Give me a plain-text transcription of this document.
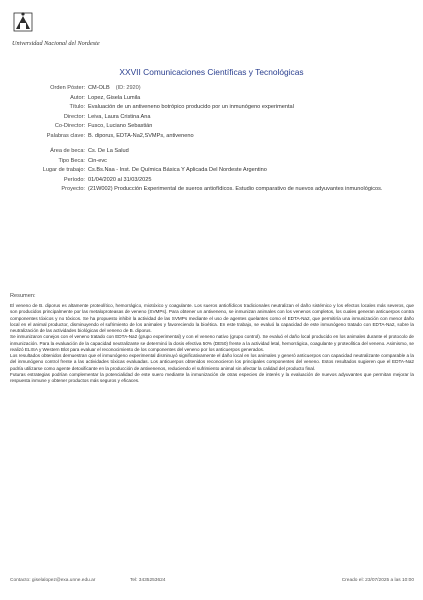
Universidad Nacional del Nordeste
XXVII Comunicaciones Científicas y Tecnológicas
Orden Póster: CM-OLB (ID: 2920)
Autor: Lopez, Gisela Lumila
Título: Evaluación de un antiveneno botrópico producido por un inmunógeno experimental
Director: Leiva, Laura Cristina Ana
Co-Director: Fusco, Luciano Sebastián
Palabras clave: B. diporus, EDTA-Na2,SVMPs, antiveneno
Área de beca: Cs. De La Salud
Tipo Beca: Cin-evc
Lugar de trabajo: Cs.Bs.Naa - Inst. De Química Básica Y Aplicada Del Nordeste Argentino
Período: 01/04/2020 al 31/03/2025
Proyecto: (21W002) Producción Experimental de sueros antiofídicos. Estudio comparativo de nuevos adyuvantes inmunológicos.
Resumen:

El veneno de B. diporus es altamente proteolítico, hemorrágico, miotóxico y coagulante. Los sueros antiofídicos tradicionales neutralizan el daño sistémico y los efectos locales más severos, que son producidos principalmente por las metaloproteasas de veneno (SVMPs). Para obtener un antiveneno, se inmunizan animales con los venenos completos, los cuales generan anticuerpos contra componentes tóxicos y no tóxicos. Se ha propuesto inhibir la actividad de las SVMPs mediante el uso de agentes quelantes como el EDTA-Na2, que permitiría una inmunización con menor daño local en el animal productor, disminuyendo el sufrimiento de los animales y favoreciendo la bioética. En este trabajo, se evaluó la capacidad de este inmunógeno tratado con EDTA-Na2, sobre la neutralización de las actividades biológicas del veneno de B. diporus.

Se inmunizaron conejos con el veneno tratado con EDTA-Na2 (grupo experimental) y con el veneno nativo (grupo control). Se evaluó el daño local producido en los animales durante el protocolo de inmunización. Para la evaluación de la capacidad neutralizante se determinó la dosis efectiva 50% (DE50) frente a la actividad letal, hemorrágica, coagulante y proteolítica del veneno. Asimismo, se realizó ELISA y Western Blot para evaluar el reconocimiento de los componentes del veneno por los anticuerpos generados.

Los resultados obtenidos demuestran que el inmunógeno experimental disminuyó significativamente el daño local en los animales y generó anticuerpos con capacidad neutralizante comparable a la del inmunógeno control frente a las actividades tóxicas evaluadas. Los anticuerpos obtenidos reconocieron los principales componentes del veneno. Estos resultados sugieren que el EDTA-Na2 podría utilizarse como agente detoxificante en la producción de antivenenos, reduciendo el sufrimiento animal sin afectar la calidad del producto final.

Futuras estrategias podrían complementar la potencialidad de este suero mediante la inmunización de otras especies de interés y la evaluación de nuevos adyuvantes que permitan mejorar la respuesta inmune y obtener productos más seguros y eficaces.

Contacto: giselalopez@exa.unne.edu.ar	Tel: 3435253624	Creado el: 23/07/2025 a las 10:00
